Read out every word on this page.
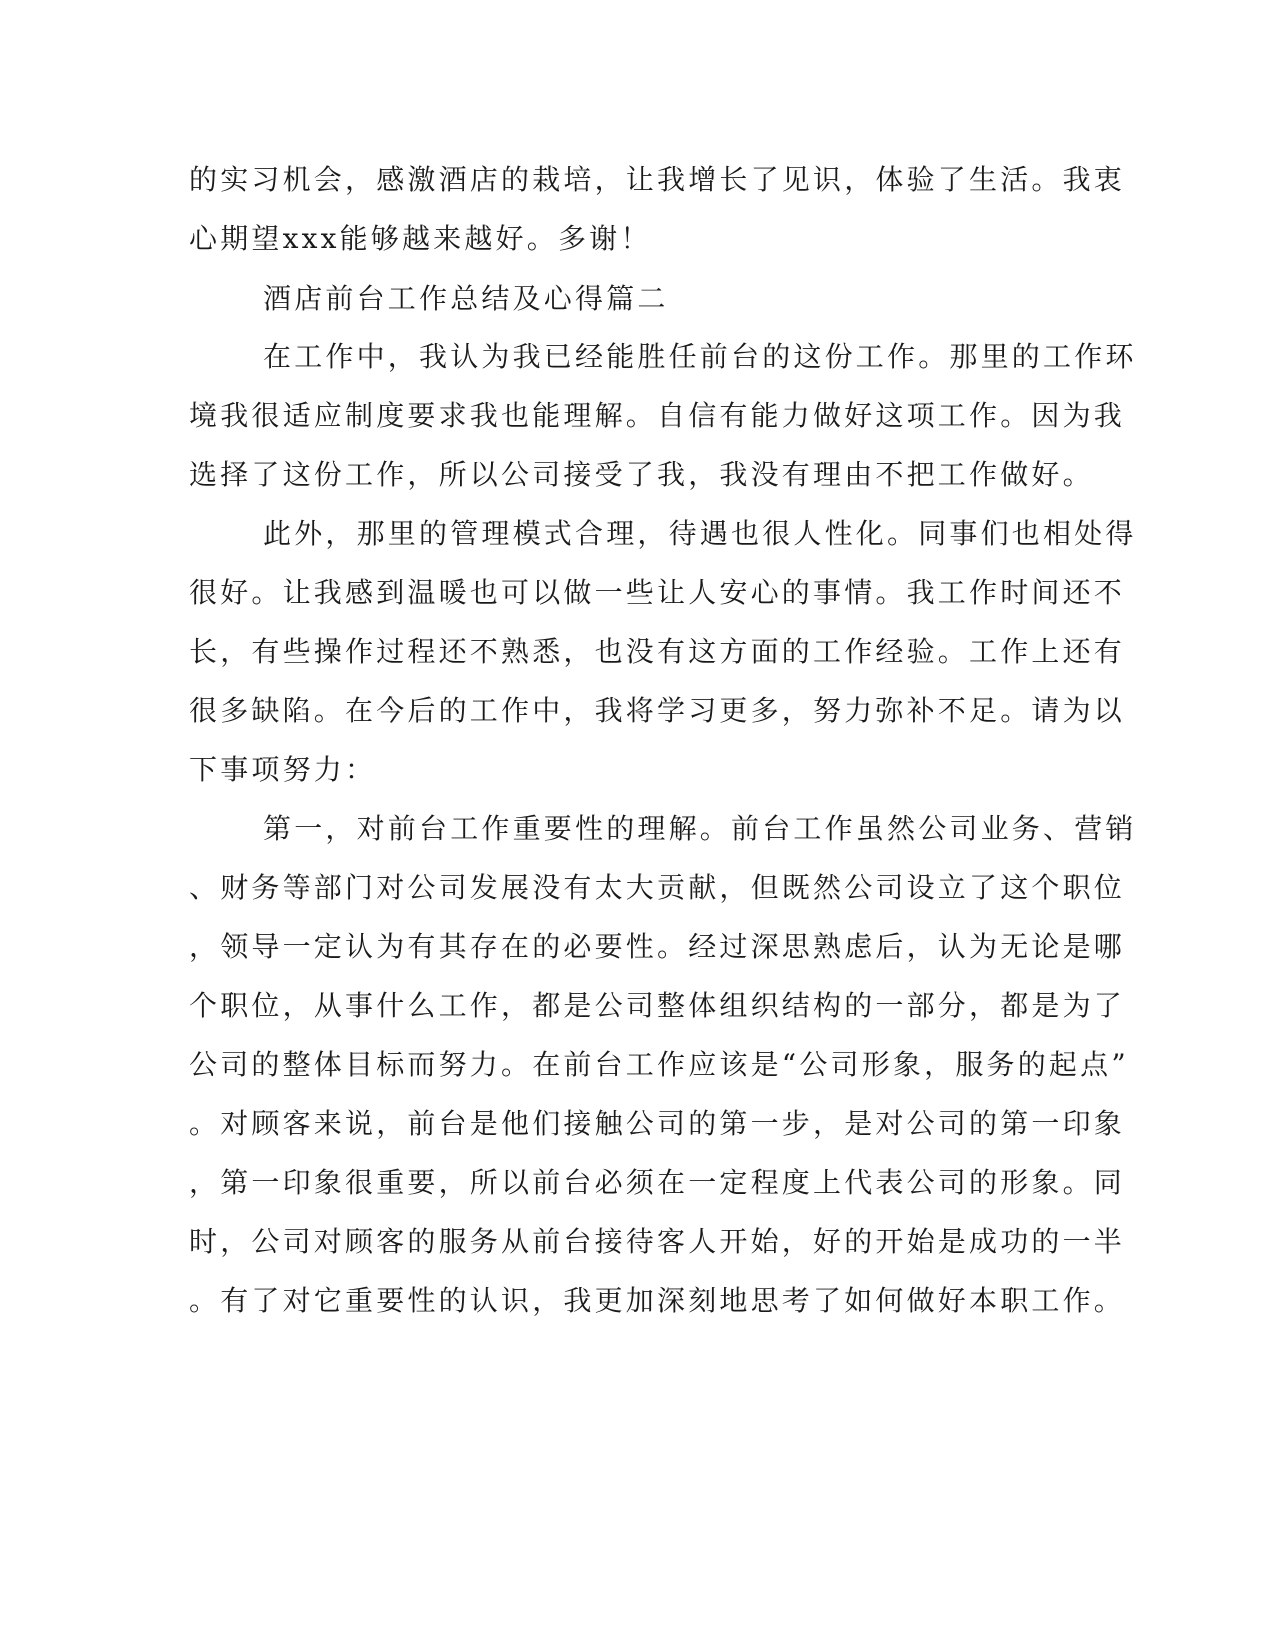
的实习机会，感激酒店的栽培，让我增长了见识，体验了生活。我衷
心期望xxx能够越来越好。多谢！
酒店前台工作总结及心得篇二
在工作中，我认为我已经能胜任前台的这份工作。那里的工作环
境我很适应制度要求我也能理解。自信有能力做好这项工作。因为我
选择了这份工作，所以公司接受了我，我没有理由不把工作做好。
此外，那里的管理模式合理，待遇也很人性化。同事们也相处得
很好。让我感到温暖也可以做一些让人安心的事情。我工作时间还不
长，有些操作过程还不熟悉，也没有这方面的工作经验。工作上还有
很多缺陷。在今后的工作中，我将学习更多，努力弥补不足。请为以
下事项努力：
第一，对前台工作重要性的理解。前台工作虽然公司业务、营销
、财务等部门对公司发展没有太大贡献，但既然公司设立了这个职位
，领导一定认为有其存在的必要性。经过深思熟虑后，认为无论是哪
个职位，从事什么工作，都是公司整体组织结构的一部分，都是为了
公司的整体目标而努力。在前台工作应该是“公司形象，服务的起点”
。对顾客来说，前台是他们接触公司的第一步，是对公司的第一印象
，第一印象很重要，所以前台必须在一定程度上代表公司的形象。同
时，公司对顾客的服务从前台接待客人开始，好的开始是成功的一半
。有了对它重要性的认识，我更加深刻地思考了如何做好本职工作。
